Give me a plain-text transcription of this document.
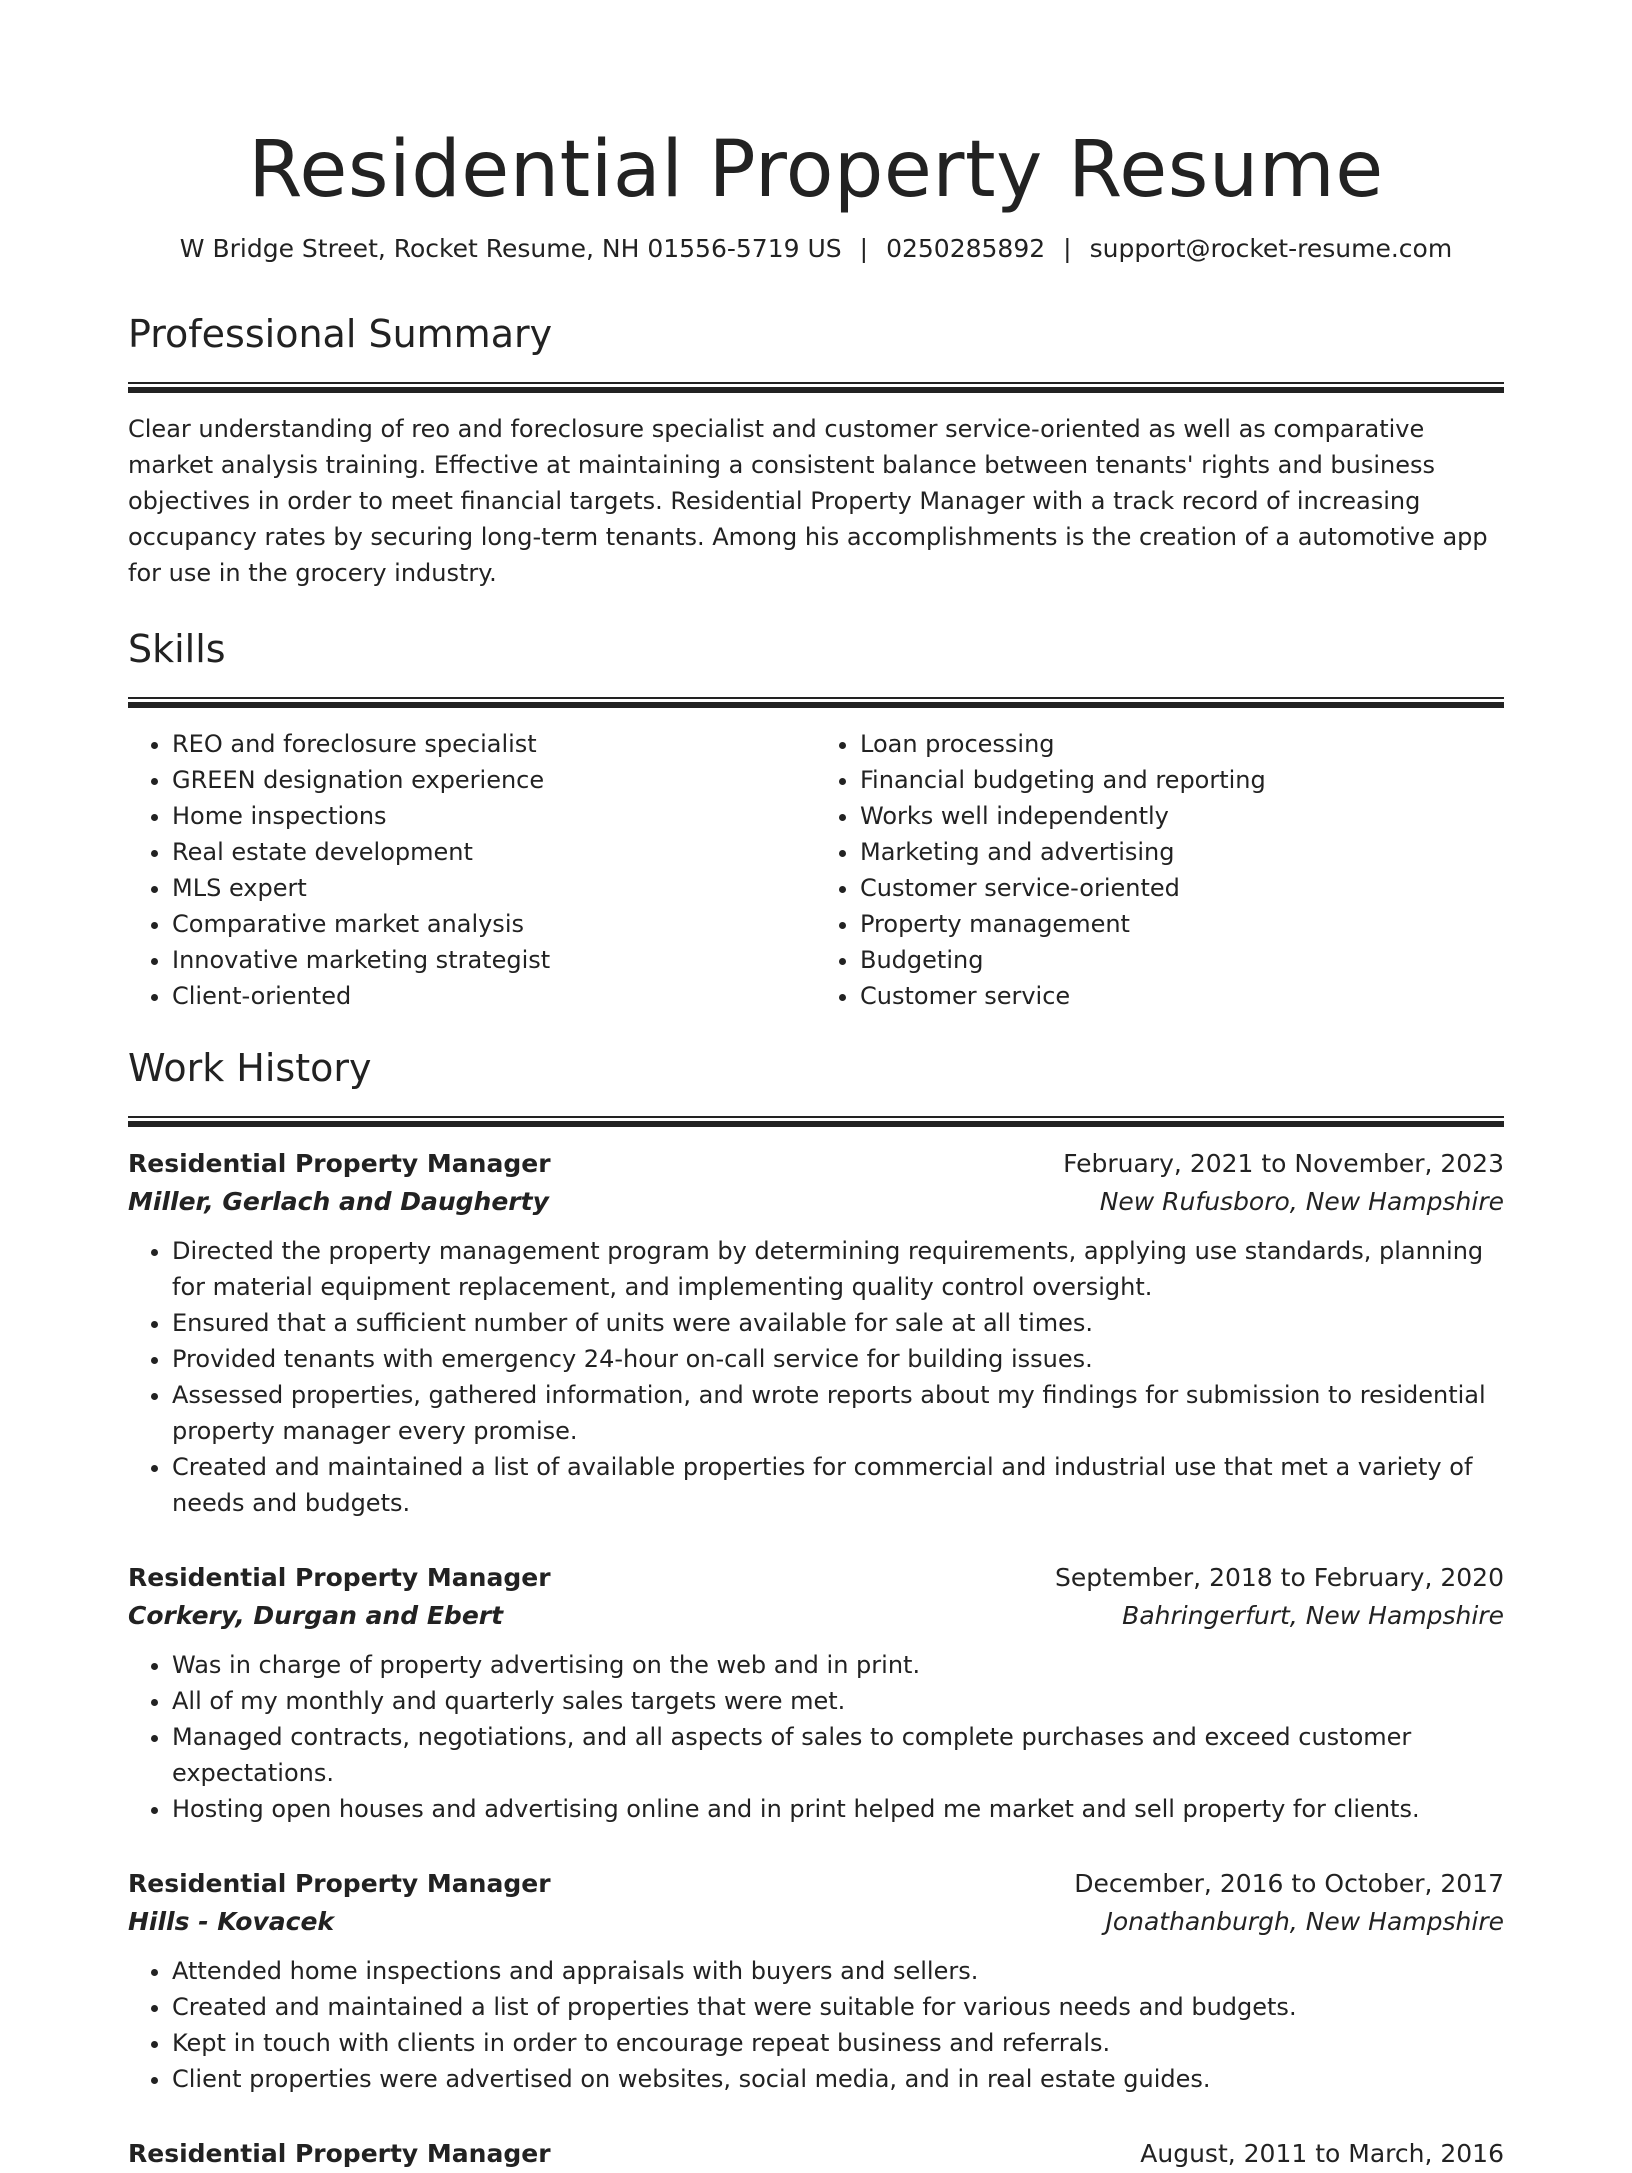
Residential Property Resume
W Bridge Street, Rocket Resume, NH 01556-5719 US | 0250285892 | support@rocket-resume.com
Professional Summary

Clear understanding of reo and foreclosure specialist and customer service-oriented as well as comparative market analysis training. Effective at maintaining a consistent balance between tenants' rights and business objectives in order to meet financial targets. Residential Property Manager with a track record of increasing occupancy rates by securing long-term tenants. Among his accomplishments is the creation of a automotive app for use in the grocery industry.

Skills
• REO and foreclosure specialist
• GREEN designation experience
• Home inspections
• Real estate development
• MLS expert
• Comparative market analysis
• Innovative marketing strategist
• Client-oriented
• Loan processing
• Financial budgeting and reporting
• Works well independently
• Marketing and advertising
• Customer service-oriented
• Property management
• Budgeting
• Customer service
Work History
Residential Property Manager	February, 2021 to November, 2023
Miller, Gerlach and Daugherty	New Rufusboro, New Hampshire
• Directed the property management program by determining requirements, applying use standards, planning for material equipment replacement, and implementing quality control oversight.
• Ensured that a sufficient number of units were available for sale at all times.
• Provided tenants with emergency 24-hour on-call service for building issues.
• Assessed properties, gathered information, and wrote reports about my findings for submission to residential property manager every promise.
• Created and maintained a list of available properties for commercial and industrial use that met a variety of needs and budgets.
Residential Property Manager	September, 2018 to February, 2020
Corkery, Durgan and Ebert	Bahringerfurt, New Hampshire
• Was in charge of property advertising on the web and in print.
• All of my monthly and quarterly sales targets were met.
• Managed contracts, negotiations, and all aspects of sales to complete purchases and exceed customer expectations.
• Hosting open houses and advertising online and in print helped me market and sell property for clients.
Residential Property Manager	December, 2016 to October, 2017
Hills - Kovacek	Jonathanburgh, New Hampshire
• Attended home inspections and appraisals with buyers and sellers.
• Created and maintained a list of properties that were suitable for various needs and budgets.
• Kept in touch with clients in order to encourage repeat business and referrals.
• Client properties were advertised on websites, social media, and in real estate guides.
Residential Property Manager	August, 2011 to March, 2016
